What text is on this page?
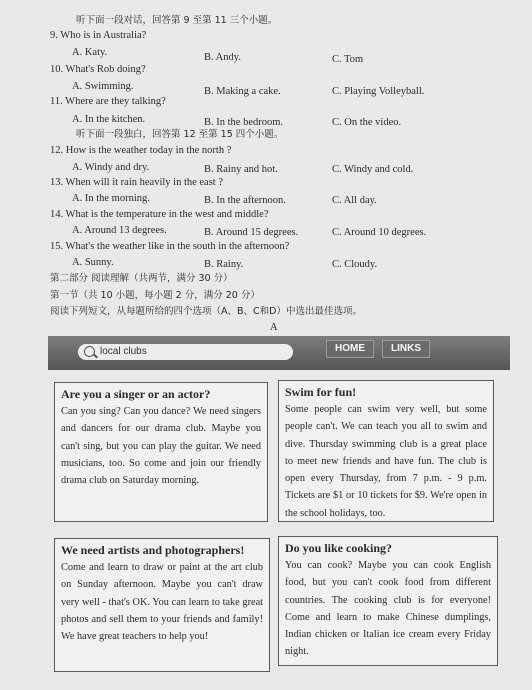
听下面一段对话，回答第 9 至第 11 三个小题。
9. Who is in Australia?
A. Katy.	B. Andy.	C. Tom
10. What's Rob doing?
A. Swimming.	B. Making a cake.	C. Playing Volleyball.
11. Where are they talking?
A. In the kitchen.	B. In the bedroom.	C. On the video.
听下面一段独白，回答第 12 至第 15 四个小题。
12. How is the weather today in the north ?
A. Windy and dry.	B. Rainy and hot.	C. Windy and cold.
13. When will it rain heavily in the east ?
A. In the morning.	B. In the afternoon.	C. All day.
14. What is the temperature in the west and middle?
A. Around 13 degrees.	B. Around 15 degrees.	C. Around 10 degrees.
15. What's the weather like in the south in the afternoon?
A. Sunny.	B. Rainy.	C. Cloudy.
第二部分 阅读理解（共两节，满分 30 分）
第一节（共 10 小题，每小题 2 分，满分 20 分）
阅读下列短文，从每题所给的四个选项（A、B、C和D）中选出最佳选项。
A
local clubs	HOME	LINKS
Are you a singer or an actor?

Can you sing? Can you dance? We need singers and dancers for our drama club. Maybe you can't sing, but you can play the guitar. We need musicians, too. So come and join our friendly drama club on Saturday morning.

Swim for fun!

Some people can swim very well, but some people can't. We can teach you all to swim and dive. Thursday swimming club is a great place to meet new friends and have fun. The club is open every Thursday, from 7 p.m. - 9 p.m. Tickets are $1 or 10 tickets for $9. We're open in the school holidays, too.

We need artists and photographers!

Come and learn to draw or paint at the art club on Sunday afternoon. Maybe you can't draw very well - that's OK. You can learn to take great photos and sell them to your friends and family! We have great teachers to help you!

Do you like cooking?

You can cook? Maybe you can cook English food, but you can't cook food from different countries. The cooking club is for everyone! Come and learn to make Chinese dumplings, Indian chicken or Italian ice cream every Friday night.
